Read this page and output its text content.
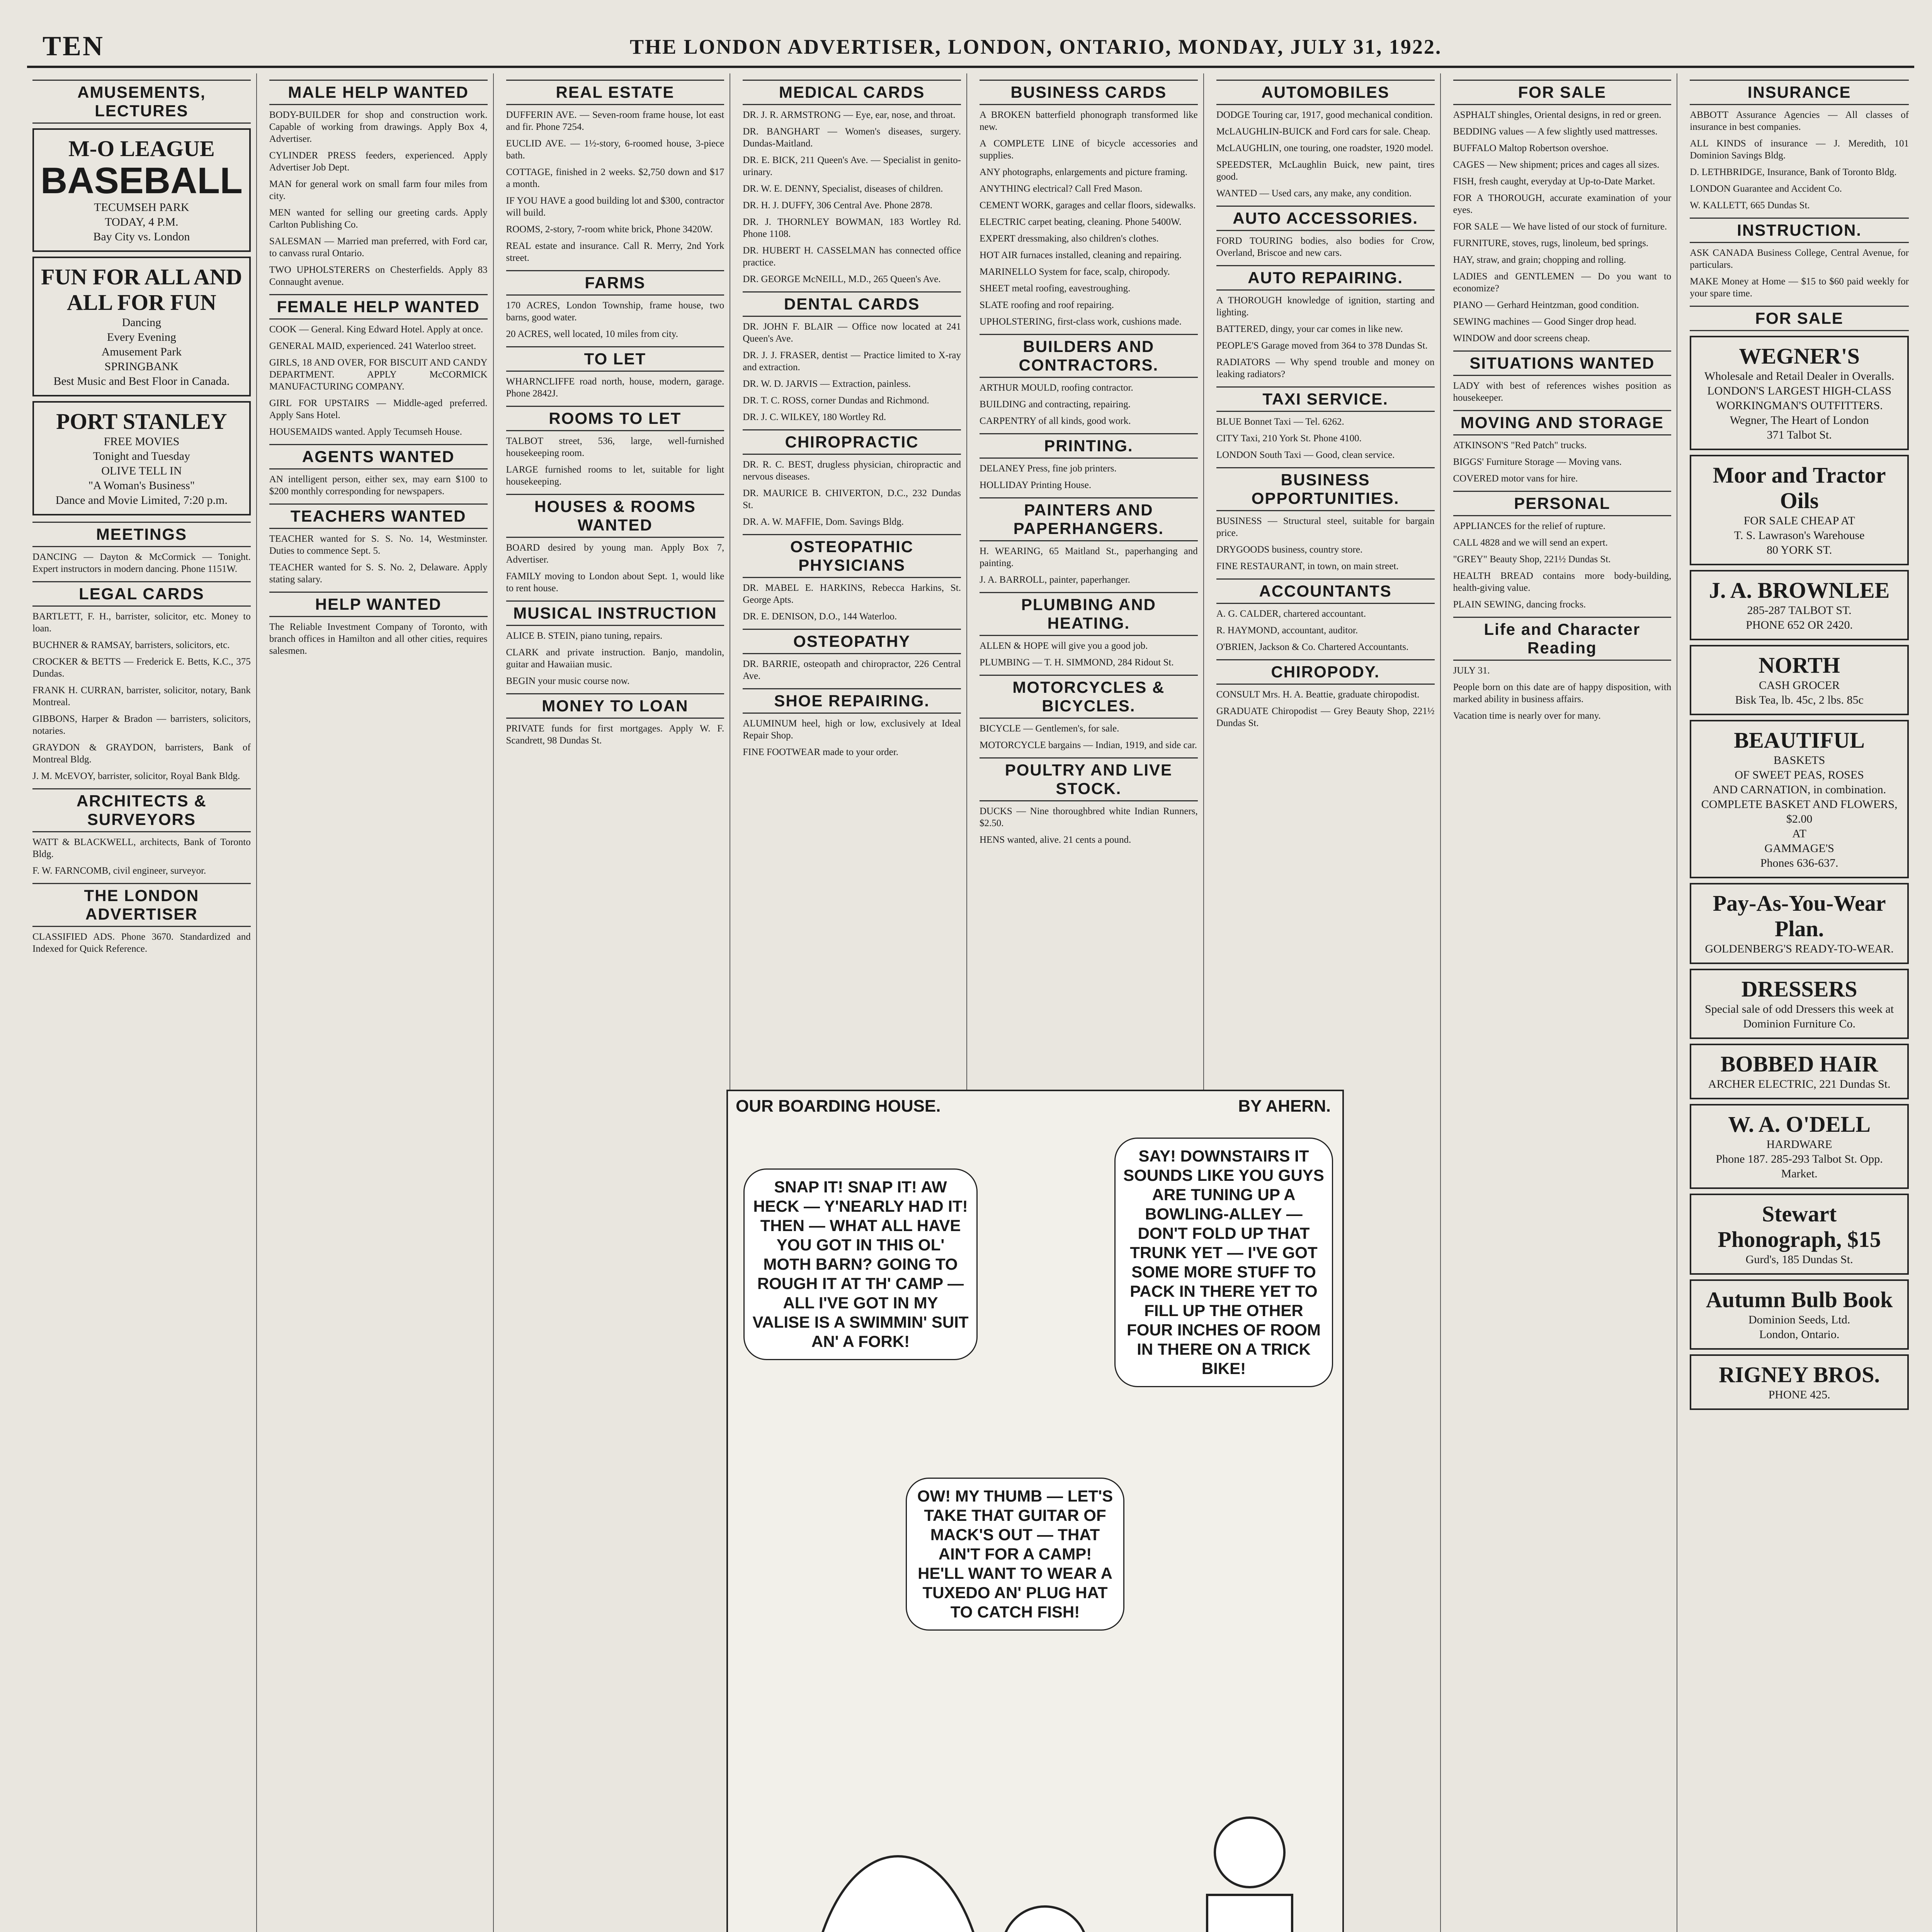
TEN	THE LONDON ADVERTISER, LONDON, ONTARIO, MONDAY, JULY 31, 1922.
AMUSEMENTS, LECTURES
M-O LEAGUE
BASEBALL
TECUMSEH PARK
TODAY, 4 P.M.
Bay City vs. London
FUN FOR ALL AND ALL FOR FUN
Dancing
Every Evening
Amusement Park
SPRINGBANK
Best Music and Best Floor in Canada.
PORT STANLEY
FREE MOVIES
Tonight and Tuesday
OLIVE TELL IN
"A Woman's Business"
Dance and Movie Limited, 7:20 p.m.
MEETINGS

DANCING — Dayton & McCormick — Tonight. Expert instructors in modern dancing. Phone 1151W.

LEGAL CARDS

BARTLETT, F. H., barrister, solicitor, etc. Money to loan.

BUCHNER & RAMSAY, barristers, solicitors, etc.

CROCKER & BETTS — Frederick E. Betts, K.C., 375 Dundas.

FRANK H. CURRAN, barrister, solicitor, notary, Bank Montreal.

GIBBONS, Harper & Bradon — barristers, solicitors, notaries.

GRAYDON & GRAYDON, barristers, Bank of Montreal Bldg.

J. M. McEVOY, barrister, solicitor, Royal Bank Bldg.

ARCHITECTS & SURVEYORS

WATT & BLACKWELL, architects, Bank of Toronto Bldg.

F. W. FARNCOMB, civil engineer, surveyor.

THE LONDON ADVERTISER

CLASSIFIED ADS. Phone 3670. Standardized and Indexed for Quick Reference.

MALE HELP WANTED

BODY-BUILDER for shop and construction work. Capable of working from drawings. Apply Box 4, Advertiser.

CYLINDER PRESS feeders, experienced. Apply Advertiser Job Dept.

MAN for general work on small farm four miles from city.

MEN wanted for selling our greeting cards. Apply Carlton Publishing Co.

SALESMAN — Married man preferred, with Ford car, to canvass rural Ontario.

TWO UPHOLSTERERS on Chesterfields. Apply 83 Connaught avenue.

FEMALE HELP WANTED

COOK — General. King Edward Hotel. Apply at once.

GENERAL MAID, experienced. 241 Waterloo street.

GIRLS, 18 AND OVER, FOR BISCUIT AND CANDY DEPARTMENT. APPLY McCORMICK MANUFACTURING COMPANY.

GIRL FOR UPSTAIRS — Middle-aged preferred. Apply Sans Hotel.

HOUSEMAIDS wanted. Apply Tecumseh House.

AGENTS WANTED

AN intelligent person, either sex, may earn $100 to $200 monthly corresponding for newspapers.

TEACHERS WANTED

TEACHER wanted for S. S. No. 14, Westminster. Duties to commence Sept. 5.

TEACHER wanted for S. S. No. 2, Delaware. Apply stating salary.

HELP WANTED

The Reliable Investment Company of Toronto, with branch offices in Hamilton and all other cities, requires salesmen.

REAL ESTATE

DUFFERIN AVE. — Seven-room frame house, lot east and fir. Phone 7254.

EUCLID AVE. — 1½-story, 6-roomed house, 3-piece bath.

COTTAGE, finished in 2 weeks. $2,750 down and $17 a month.

IF YOU HAVE a good building lot and $300, contractor will build.

ROOMS, 2-story, 7-room white brick, Phone 3420W.

REAL estate and insurance. Call R. Merry, 2nd York street.

FARMS

170 ACRES, London Township, frame house, two barns, good water.

20 ACRES, well located, 10 miles from city.

TO LET

WHARNCLIFFE road north, house, modern, garage. Phone 2842J.

ROOMS TO LET

TALBOT street, 536, large, well-furnished housekeeping room.

LARGE furnished rooms to let, suitable for light housekeeping.

HOUSES & ROOMS WANTED

BOARD desired by young man. Apply Box 7, Advertiser.

FAMILY moving to London about Sept. 1, would like to rent house.

MUSICAL INSTRUCTION

ALICE B. STEIN, piano tuning, repairs.

CLARK and private instruction. Banjo, mandolin, guitar and Hawaiian music.

BEGIN your music course now.

MONEY TO LOAN

PRIVATE funds for first mortgages. Apply W. F. Scandrett, 98 Dundas St.

MEDICAL CARDS

DR. J. R. ARMSTRONG — Eye, ear, nose, and throat.

DR. BANGHART — Women's diseases, surgery. Dundas-Maitland.

DR. E. BICK, 211 Queen's Ave. — Specialist in genito-urinary.

DR. W. E. DENNY, Specialist, diseases of children.

DR. H. J. DUFFY, 306 Central Ave. Phone 2878.

DR. J. THORNLEY BOWMAN, 183 Wortley Rd. Phone 1108.

DR. HUBERT H. CASSELMAN has connected office practice.

DR. GEORGE McNEILL, M.D., 265 Queen's Ave.

DENTAL CARDS

DR. JOHN F. BLAIR — Office now located at 241 Queen's Ave.

DR. J. J. FRASER, dentist — Practice limited to X-ray and extraction.

DR. W. D. JARVIS — Extraction, painless.

DR. T. C. ROSS, corner Dundas and Richmond.

DR. J. C. WILKEY, 180 Wortley Rd.

CHIROPRACTIC

DR. R. C. BEST, drugless physician, chiropractic and nervous diseases.

DR. MAURICE B. CHIVERTON, D.C., 232 Dundas St.

DR. A. W. MAFFIE, Dom. Savings Bldg.

OSTEOPATHIC PHYSICIANS

DR. MABEL E. HARKINS, Rebecca Harkins, St. George Apts.

DR. E. DENISON, D.O., 144 Waterloo.

OSTEOPATHY

DR. BARRIE, osteopath and chiropractor, 226 Central Ave.

SHOE REPAIRING.

ALUMINUM heel, high or low, exclusively at Ideal Repair Shop.

FINE FOOTWEAR made to your order.

BUSINESS CARDS

A BROKEN batterfield phonograph transformed like new.

A COMPLETE LINE of bicycle accessories and supplies.

ANY photographs, enlargements and picture framing.

ANYTHING electrical? Call Fred Mason.

CEMENT WORK, garages and cellar floors, sidewalks.

ELECTRIC carpet beating, cleaning. Phone 5400W.

EXPERT dressmaking, also children's clothes.

HOT AIR furnaces installed, cleaning and repairing.

MARINELLO System for face, scalp, chiropody.

SHEET metal roofing, eavestroughing.

SLATE roofing and roof repairing.

UPHOLSTERING, first-class work, cushions made.

BUILDERS AND CONTRACTORS.

ARTHUR MOULD, roofing contractor.

BUILDING and contracting, repairing.

CARPENTRY of all kinds, good work.

PRINTING.

DELANEY Press, fine job printers.

HOLLIDAY Printing House.

PAINTERS AND PAPERHANGERS.

H. WEARING, 65 Maitland St., paperhanging and painting.

J. A. BARROLL, painter, paperhanger.

PLUMBING AND HEATING.

ALLEN & HOPE will give you a good job.

PLUMBING — T. H. SIMMOND, 284 Ridout St.

MOTORCYCLES & BICYCLES.

BICYCLE — Gentlemen's, for sale.

MOTORCYCLE bargains — Indian, 1919, and side car.

POULTRY AND LIVE STOCK.

DUCKS — Nine thoroughbred white Indian Runners, $2.50.

HENS wanted, alive. 21 cents a pound.

AUTOMOBILES

DODGE Touring car, 1917, good mechanical condition.

McLAUGHLIN-BUICK and Ford cars for sale. Cheap.

McLAUGHLIN, one touring, one roadster, 1920 model.

SPEEDSTER, McLaughlin Buick, new paint, tires good.

WANTED — Used cars, any make, any condition.

AUTO ACCESSORIES.

FORD TOURING bodies, also bodies for Crow, Overland, Briscoe and new cars.

AUTO REPAIRING.

A THOROUGH knowledge of ignition, starting and lighting.

BATTERED, dingy, your car comes in like new.

PEOPLE'S Garage moved from 364 to 378 Dundas St.

RADIATORS — Why spend trouble and money on leaking radiators?

TAXI SERVICE.

BLUE Bonnet Taxi — Tel. 6262.

CITY Taxi, 210 York St. Phone 4100.

LONDON South Taxi — Good, clean service.

BUSINESS OPPORTUNITIES.

BUSINESS — Structural steel, suitable for bargain price.

DRYGOODS business, country store.

FINE RESTAURANT, in town, on main street.

ACCOUNTANTS

A. G. CALDER, chartered accountant.

R. HAYMOND, accountant, auditor.

O'BRIEN, Jackson & Co. Chartered Accountants.

CHIROPODY.

CONSULT Mrs. H. A. Beattie, graduate chiropodist.

GRADUATE Chiropodist — Grey Beauty Shop, 221½ Dundas St.

FOR SALE

ASPHALT shingles, Oriental designs, in red or green.

BEDDING values — A few slightly used mattresses.

BUFFALO Maltop Robertson overshoe.

CAGES — New shipment; prices and cages all sizes.

FISH, fresh caught, everyday at Up-to-Date Market.

FOR A THOROUGH, accurate examination of your eyes.

FOR SALE — We have listed of our stock of furniture.

FURNITURE, stoves, rugs, linoleum, bed springs.

HAY, straw, and grain; chopping and rolling.

LADIES and GENTLEMEN — Do you want to economize?

PIANO — Gerhard Heintzman, good condition.

SEWING machines — Good Singer drop head.

WINDOW and door screens cheap.

SITUATIONS WANTED

LADY with best of references wishes position as housekeeper.

MOVING AND STORAGE

ATKINSON'S "Red Patch" trucks.

BIGGS' Furniture Storage — Moving vans.

COVERED motor vans for hire.

PERSONAL

APPLIANCES for the relief of rupture.

CALL 4828 and we will send an expert.

"GREY" Beauty Shop, 221½ Dundas St.

HEALTH BREAD contains more body-building, health-giving value.

PLAIN SEWING, dancing frocks.

Life and Character Reading

JULY 31.

People born on this date are of happy disposition, with marked ability in business affairs.

Vacation time is nearly over for many.

INSURANCE

ABBOTT Assurance Agencies — All classes of insurance in best companies.

ALL KINDS of insurance — J. Meredith, 101 Dominion Savings Bldg.

D. LETHBRIDGE, Insurance, Bank of Toronto Bldg.

LONDON Guarantee and Accident Co.

W. KALLETT, 665 Dundas St.

INSTRUCTION.

ASK CANADA Business College, Central Avenue, for particulars.

MAKE Money at Home — $15 to $60 paid weekly for your spare time.

FOR SALE
WEGNER'S
Wholesale and Retail Dealer in Overalls.
LONDON'S LARGEST HIGH-CLASS WORKINGMAN'S OUTFITTERS.
Wegner, The Heart of London
371 Talbot St.
Moor and Tractor Oils
FOR SALE CHEAP AT
T. S. Lawrason's Warehouse
80 YORK ST.
J. A. BROWNLEE
285-287 TALBOT ST.
PHONE 652 OR 2420.
NORTH
CASH GROCER
Bisk Tea, lb. 45c, 2 lbs. 85c
BEAUTIFUL
BASKETS
OF SWEET PEAS, ROSES
AND CARNATION, in combination.
COMPLETE BASKET AND FLOWERS,
$2.00
AT
GAMMAGE'S
Phones 636-637.
Pay-As-You-Wear Plan.
GOLDENBERG'S READY-TO-WEAR.
DRESSERS
Special sale of odd Dressers this week at Dominion Furniture Co.
BOBBED HAIR
ARCHER ELECTRIC, 221 Dundas St.
W. A. O'DELL
HARDWARE
Phone 187. 285-293 Talbot St. Opp. Market.
Stewart Phonograph, $15
Gurd's, 185 Dundas St.
Autumn Bulb Book
Dominion Seeds, Ltd.
London, Ontario.
RIGNEY BROS.
PHONE 425.
OUR BOARDING HOUSE.	BY AHERN.
SNAP IT! SNAP IT! AW HECK — Y'NEARLY HAD IT! THEN — WHAT ALL HAVE YOU GOT IN THIS OL' MOTH BARN? GOING TO ROUGH IT AT TH' CAMP — ALL I'VE GOT IN MY VALISE IS A SWIMMIN' SUIT AN' A FORK!
OW! MY THUMB — LET'S TAKE THAT GUITAR OF MACK'S OUT — THAT AIN'T FOR A CAMP! HE'LL WANT TO WEAR A TUXEDO AN' PLUG HAT TO CATCH FISH!
SAY! DOWNSTAIRS IT SOUNDS LIKE YOU GUYS ARE TUNING UP A BOWLING-ALLEY — DON'T FOLD UP THAT TRUNK YET — I'VE GOT SOME MORE STUFF TO PACK IN THERE YET TO FILL UP THE OTHER FOUR INCHES OF ROOM IN THERE ON A TRICK BIKE!
